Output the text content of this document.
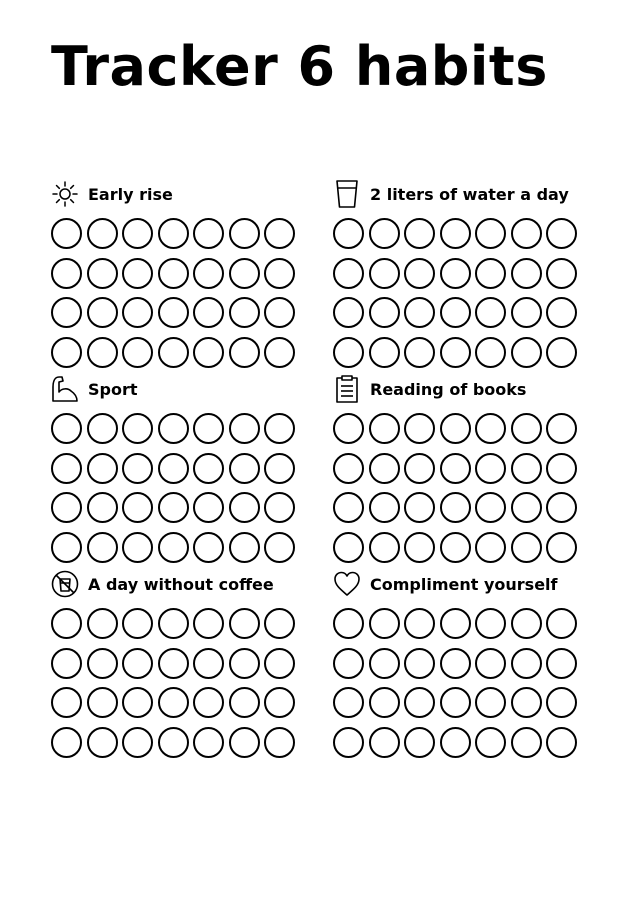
Tracker 6 habits
Early rise	2 liters of water a day
Sport	Reading of books
A day without coffee	Compliment yourself
